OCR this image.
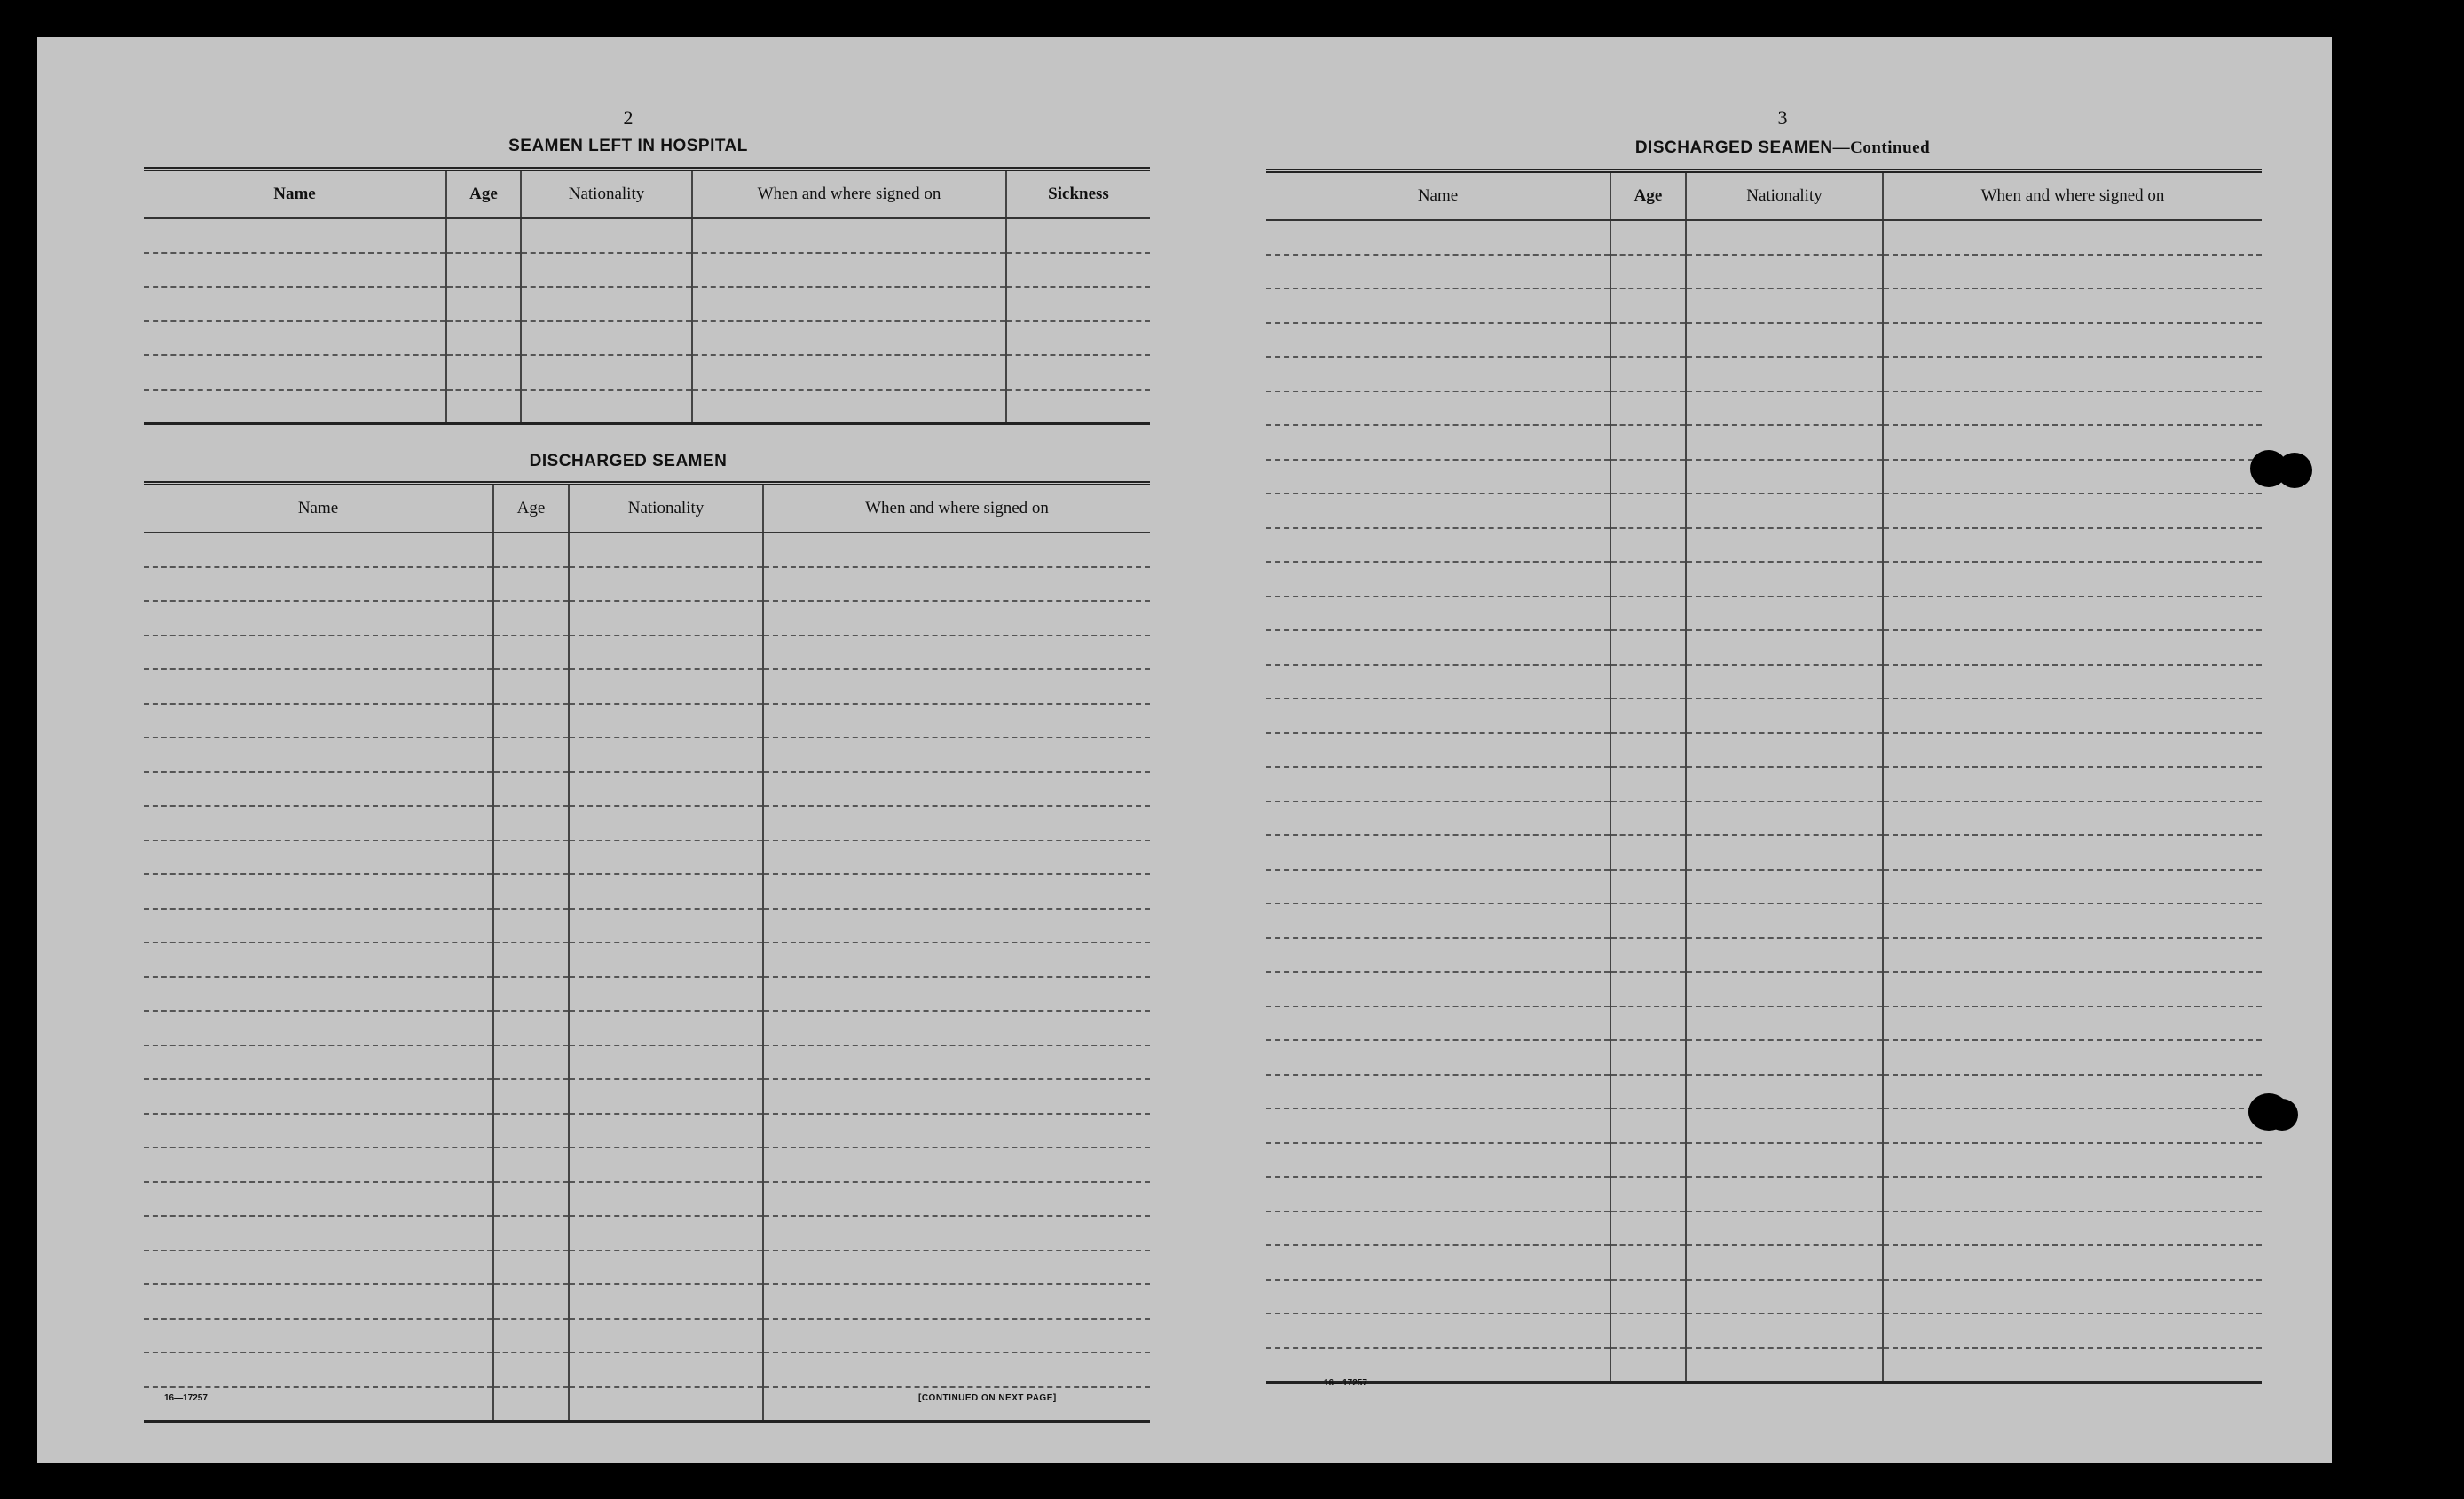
2
SEAMEN LEFT IN HOSPITAL
Name	Age	Nationality	When and where signed on	Sickness

DISCHARGED SEAMEN
Name	Age	Nationality	When and where signed on

16—17257	[CONTINUED ON NEXT PAGE]
3
DISCHARGED SEAMEN—Continued
Name	Age	Nationality	When and where signed on

16—17257
